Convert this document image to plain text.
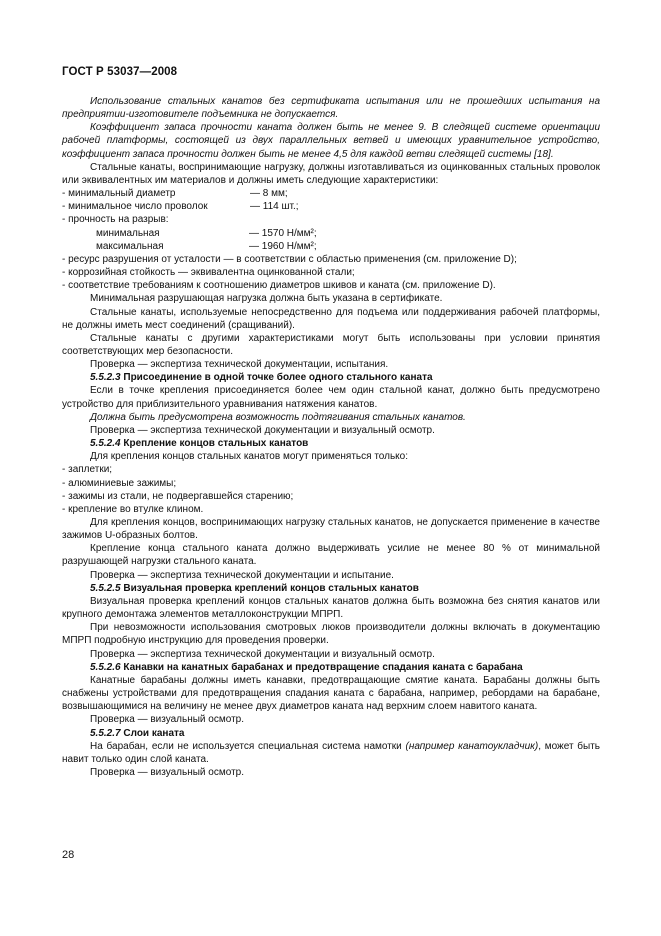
ГОСТ Р 53037—2008

Использование стальных канатов без сертификата испытания или не прошедших испытания на предприятии-изготовителе подъемника не допускается.

Коэффициент запаса прочности каната должен быть не менее 9. В следящей системе ориентации рабочей платформы, состоящей из двух параллельных ветвей и имеющих уравнительное устройство, коэффициент запаса прочности должен быть не менее 4,5 для каждой ветви следящей системы [18].

Стальные канаты, воспринимающие нагрузку, должны изготавливаться из оцинкованных стальных проволок или эквивалентных им материалов и должны иметь следующие характеристики:

- минимальный диаметр	— 8 мм;
- минимальное число проволок	— 114 шт.;
- прочность на разрыв:
минимальная	— 1570 Н/мм²;
максимальная	— 1960 Н/мм²;
- ресурс разрушения от усталости — в соответствии с областью применения (см. приложение D);
- коррозийная стойкость — эквивалентна оцинкованной стали;
- соответствие требованиям к соотношению диаметров шкивов и каната (см. приложение D).

Минимальная разрушающая нагрузка должна быть указана в сертификате.

Стальные канаты, используемые непосредственно для подъема или поддерживания рабочей платформы, не должны иметь мест соединений (сращиваний).

Стальные канаты с другими характеристиками могут быть использованы при условии принятия соответствующих мер безопасности.

Проверка — экспертиза технической документации, испытания.

5.5.2.3 Присоединение в одной точке более одного стального каната

Если в точке крепления присоединяется более чем один стальной канат, должно быть предусмотрено устройство для приблизительного уравнивания натяжения канатов.

Должна быть предусмотрена возможность подтягивания стальных канатов.

Проверка — экспертиза технической документации и визуальный осмотр.

5.5.2.4 Крепление концов стальных канатов

Для крепления концов стальных канатов могут применяться только:

- заплетки;
- алюминиевые зажимы;
- зажимы из стали, не подвергавшейся старению;
- крепление во втулке клином.

Для крепления концов, воспринимающих нагрузку стальных канатов, не допускается применение в качестве зажимов U-образных болтов.

Крепление конца стального каната должно выдерживать усилие не менее 80 % от минимальной разрушающей нагрузки стального каната.

Проверка — экспертиза технической документации и испытание.

5.5.2.5 Визуальная проверка креплений концов стальных канатов

Визуальная проверка креплений концов стальных канатов должна быть возможна без снятия канатов или крупного демонтажа элементов металлоконструкции МПРП.

При невозможности использования смотровых люков производители должны включать в документацию МПРП подробную инструкцию для проведения проверки.

Проверка — экспертиза технической документации и визуальный осмотр.

5.5.2.6 Канавки на канатных барабанах и предотвращение спадания каната с барабана

Канатные барабаны должны иметь канавки, предотвращающие смятие каната. Барабаны должны быть снабжены устройствами для предотвращения спадания каната с барабана, например, ребордами на барабане, возвышающимися на величину не менее двух диаметров каната над верхним слоем навитого каната.

Проверка — визуальный осмотр.

5.5.2.7 Слои каната

На барабан, если не используется специальная система намотки (например канатоукладчик), может быть навит только один слой каната.

Проверка — визуальный осмотр.

28
